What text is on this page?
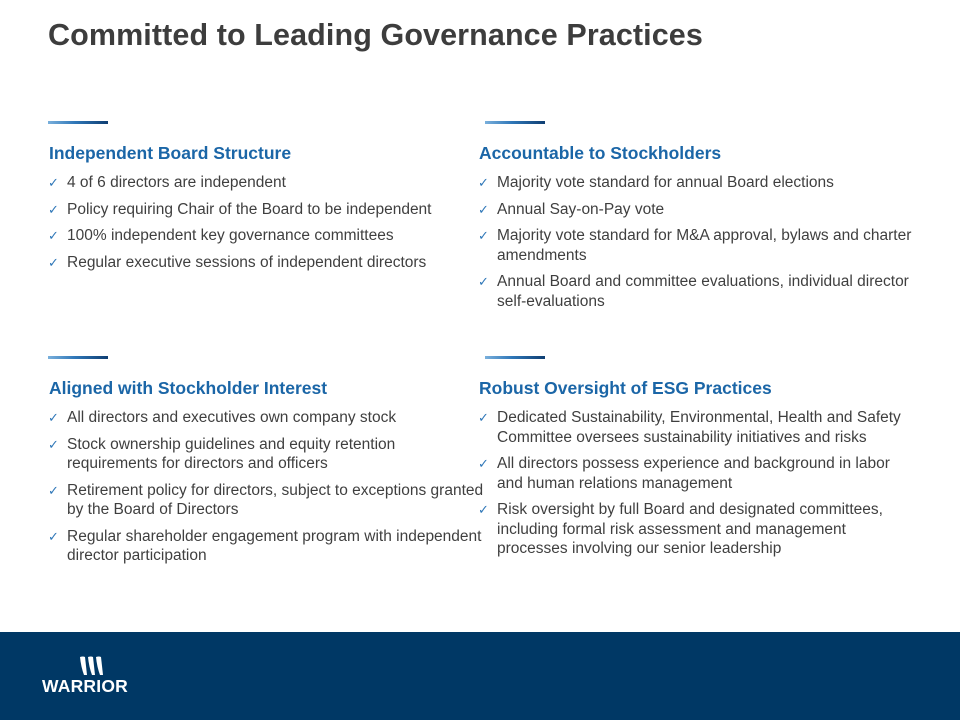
Committed to Leading Governance Practices
Independent Board Structure
✓ 4 of 6 directors are independent
✓ Policy requiring Chair of the Board to be independent
✓ 100% independent key governance committees
✓ Regular executive sessions of independent directors
Accountable to Stockholders
✓ Majority vote standard for annual Board elections
✓ Annual Say-on-Pay vote
✓ Majority vote standard for M&A approval, bylaws and charter amendments
✓ Annual Board and committee evaluations, individual director self-evaluations
Aligned with Stockholder Interest
✓ All directors and executives own company stock
✓ Stock ownership guidelines and equity retention requirements for directors and officers
✓ Retirement policy for directors, subject to exceptions granted by the Board of Directors
✓ Regular shareholder engagement program with independent director participation
Robust Oversight of ESG Practices
✓ Dedicated Sustainability, Environmental, Health and Safety Committee oversees sustainability initiatives and risks
✓ All directors possess experience and background in labor and human relations management
✓ Risk oversight by full Board and designated committees, including formal risk assessment and management processes involving our senior leadership
WARRIOR
